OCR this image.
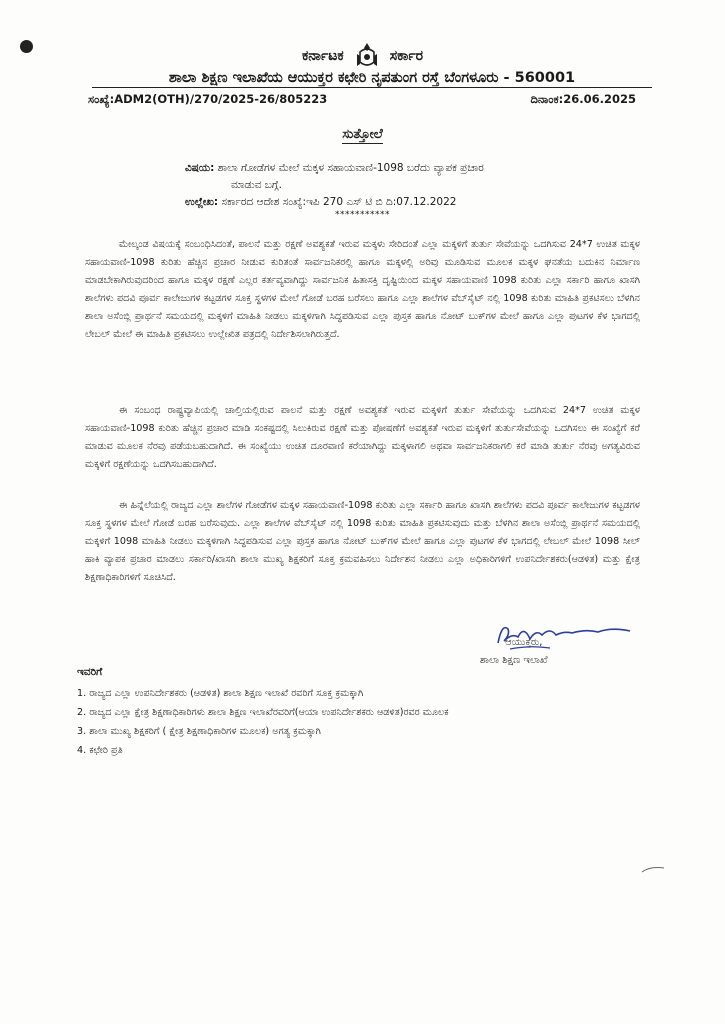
ಕರ್ನಾಟಕ	ಸರ್ಕಾರ
ಶಾಲಾ ಶಿಕ್ಷಣ ಇಲಾಖೆಯ ಆಯುಕ್ತರ ಕಛೇರಿ ನೃಪತುಂಗ ರಸ್ತೆ ಬೆಂಗಳೂರು - 560001
ಸಂಖ್ಯೆ:ADM2(OTH)/270/2025-26/805223	ದಿನಾಂಕ:26.06.2025
ಸುತ್ತೋಲೆ
ವಿಷಯ: ಶಾಲಾ ಗೋಡೆಗಳ ಮೇಲೆ ಮಕ್ಕಳ ಸಹಾಯವಾಣಿ-1098 ಬರೆದು ವ್ಯಾಪಕ ಪ್ರಚಾರ
ಮಾಡುವ ಬಗ್ಗೆ.
ಉಲ್ಲೇಖ: ಸರ್ಕಾರದ ಆದೇಶ ಸಂಖ್ಯೆ:ಇಪಿ 270 ಎಸ್ ಟಿ ಬಿ ದಿ:07.12.2022
***********
ಮೇಲ್ಕಂಡ ವಿಷಯಕ್ಕೆ ಸಂಬಂಧಿಸಿದಂತೆ, ಪಾಲನೆ ಮತ್ತು ರಕ್ಷಣೆ ಅವಶ್ಯಕತೆ ಇರುವ ಮಕ್ಕಳು ಸೇರಿದಂತೆ ಎಲ್ಲಾ ಮಕ್ಕಳಿಗೆ ತುರ್ತು ಸೇವೆಯನ್ನು ಒದಗಿಸುವ 24*7 ಉಚಿತ ಮಕ್ಕಳ ಸಹಾಯವಾಣಿ-1098 ಕುರಿತು ಹೆಚ್ಚಿನ ಪ್ರಚಾರ ನೀಡುವ ಕುರಿತಂತೆ ಸಾರ್ವಜನಿಕರಲ್ಲಿ ಹಾಗೂ ಮಕ್ಕಳಲ್ಲಿ ಅರಿವು ಮೂಡಿಸುವ ಮೂಲಕ ಮಕ್ಕಳ ಘನತೆಯ ಬದುಕಿನ ನಿರ್ಮಾಣ ಮಾಡಬೇಕಾಗಿರುವುದರಿಂದ ಹಾಗೂ ಮಕ್ಕಳ ರಕ್ಷಣೆ ಎಲ್ಲರ ಕರ್ತವ್ಯವಾಗಿದ್ದು ಸಾರ್ವಜನಿಕ ಹಿತಾಸಕ್ತಿ ದೃಷ್ಟಿಯಿಂದ ಮಕ್ಕಳ ಸಹಾಯವಾಣಿ 1098 ಕುರಿತು ಎಲ್ಲಾ ಸರ್ಕಾರಿ ಹಾಗೂ ಖಾಸಗಿ ಶಾಲೆಗಳು ಪದವಿ ಪೂರ್ವ ಕಾಲೇಜುಗಳ ಕಟ್ಟಡಗಳ ಸೂಕ್ತ ಸ್ಥಳಗಳ ಮೇಲೆ ಗೋಡೆ ಬರಹ ಬರೆಸಲು ಹಾಗೂ ಎಲ್ಲಾ ಶಾಲೆಗಳ ವೆಬ್‌ಸೈಟ್ ನಲ್ಲಿ 1098 ಕುರಿತು ಮಾಹಿತಿ ಪ್ರಕಟಿಸಲು ಬೆಳಗಿನ ಶಾಲಾ ಅಸೆಂಬ್ಲಿ ಪ್ರಾರ್ಥನೆ ಸಮಯದಲ್ಲಿ ಮಕ್ಕಳಿಗೆ ಮಾಹಿತಿ ನೀಡಲು ಮಕ್ಕಳಿಗಾಗಿ ಸಿದ್ಧಪಡಿಸುವ ಎಲ್ಲಾ ಪುಸ್ತಕ ಹಾಗೂ ನೋಟ್ ಬುಕ್‌ಗಳ ಮೇಲೆ ಹಾಗೂ ಎಲ್ಲಾ ಪುಟಗಳ ಕೆಳ ಭಾಗದಲ್ಲಿ ಲೇಬಲ್ ಮೇಲೆ ಈ ಮಾಹಿತಿ ಪ್ರಕಟಿಸಲು ಉಲ್ಲೇಖಿತ ಪತ್ರದಲ್ಲಿ ನಿರ್ದೇಶಿಸಲಾಗಿರುತ್ತದೆ.
ಈ ಸಂಬಂಧ ರಾಷ್ಟ್ರವ್ಯಾಪಿಯಲ್ಲಿ ಚಾಲ್ತಿಯಲ್ಲಿರುವ ಪಾಲನೆ ಮತ್ತು ರಕ್ಷಣೆ ಅವಶ್ಯಕತೆ ಇರುವ ಮಕ್ಕಳಿಗೆ ತುರ್ತು ಸೇವೆಯನ್ನು ಒದಗಿಸುವ 24*7 ಉಚಿತ ಮಕ್ಕಳ ಸಹಾಯವಾಣಿ-1098 ಕುರಿತು ಹೆಚ್ಚಿನ ಪ್ರಚಾರ ಮಾಡಿ ಸಂಕಷ್ಟದಲ್ಲಿ ಸಿಲುಕಿರುವ ರಕ್ಷಣೆ ಮತ್ತು ಪೋಷಣೆಗೆ ಅವಶ್ಯಕತೆ ಇರುವ ಮಕ್ಕಳಿಗೆ ತುರ್ತುಸೇವೆಯನ್ನು ಒದಗಿಸಲು ಈ ಸಂಖ್ಯೆಗೆ ಕರೆ ಮಾಡುವ ಮೂಲಕ ನೆರವು ಪಡೆಯಬಹುದಾಗಿದೆ. ಈ ಸಂಖ್ಯೆಯು ಉಚಿತ ದೂರವಾಣಿ ಕರೆಯಾಗಿದ್ದು ಮಕ್ಕಳಾಗಲಿ ಅಥವಾ ಸಾರ್ವಜನಿಕರಾಗಲಿ ಕರೆ ಮಾಡಿ ತುರ್ತು ನೆರವು ಅಗತ್ಯವಿರುವ ಮಕ್ಕಳಿಗೆ ರಕ್ಷಣೆಯನ್ನು ಒದಗಿಸಬಹುದಾಗಿದೆ.
ಈ ಹಿನ್ನೆಲೆಯಲ್ಲಿ ರಾಜ್ಯದ ಎಲ್ಲಾ ಶಾಲೆಗಳ ಗೋಡೆಗಳ ಮಕ್ಕಳ ಸಹಾಯವಾಣಿ-1098 ಕುರಿತು ಎಲ್ಲಾ ಸರ್ಕಾರಿ ಹಾಗೂ ಖಾಸಗಿ ಶಾಲೆಗಳು ಪದವಿ ಪೂರ್ವ ಕಾಲೇಜುಗಳ ಕಟ್ಟಡಗಳ ಸೂಕ್ತ ಸ್ಥಳಗಳ ಮೇಲೆ ಗೋಡೆ ಬರಹ ಬರೆಸುವುದು. ಎಲ್ಲಾ ಶಾಲೆಗಳ ವೆಬ್‌ಸೈಟ್ ನಲ್ಲಿ 1098 ಕುರಿತು ಮಾಹಿತಿ ಪ್ರಕಟಿಸುವುದು ಮತ್ತು ಬೆಳಗಿನ ಶಾಲಾ ಅಸೆಂಬ್ಲಿ ಪ್ರಾರ್ಥನೆ ಸಮಯದಲ್ಲಿ ಮಕ್ಕಳಿಗೆ 1098 ಮಾಹಿತಿ ನೀಡಲು ಮಕ್ಕಳಿಗಾಗಿ ಸಿದ್ಧಪಡಿಸುವ ಎಲ್ಲಾ ಪುಸ್ತಕ ಹಾಗೂ ನೋಟ್ ಬುಕ್‌ಗಳ ಮೇಲೆ ಹಾಗೂ ಎಲ್ಲಾ ಪುಟಗಳ ಕೆಳ ಭಾಗದಲ್ಲಿ ಲೇಬಲ್ ಮೇಲೆ 1098 ಸೀಲ್ ಹಾಕಿ ವ್ಯಾಪಕ ಪ್ರಚಾರ ಮಾಡಲು ಸರ್ಕಾರಿ/ಖಾಸಗಿ ಶಾಲಾ ಮುಖ್ಯ ಶಿಕ್ಷಕರಿಗೆ ಸೂಕ್ತ ಕ್ರಮವಹಿಸಲು ನಿರ್ದೇಶನ ನೀಡಲು ಎಲ್ಲಾ ಅಧಿಕಾರಿಗಳಿಗೆ ಉಪನಿರ್ದೇಶಕರು(ಆಡಳಿತ) ಮತ್ತು ಕ್ಷೇತ್ರ ಶಿಕ್ಷಣಾಧಿಕಾರಿಗಳಿಗೆ ಸೂಚಿಸಿದೆ.
ಆಯುಕ್ತರು,
ಶಾಲಾ ಶಿಕ್ಷಣ ಇಲಾಖೆ
ಇವರಿಗೆ
1. ರಾಜ್ಯದ ಎಲ್ಲಾ ಉಪನಿರ್ದೇಶಕರು (ಆಡಳಿತ) ಶಾಲಾ ಶಿಕ್ಷಣ ಇಲಾಖೆ ರವರಿಗೆ ಸೂಕ್ತ ಕ್ರಮಕ್ಕಾಗಿ
2. ರಾಜ್ಯದ ಎಲ್ಲಾ ಕ್ಷೇತ್ರ ಶಿಕ್ಷಣಾಧಿಕಾರಿಗಳು ಶಾಲಾ ಶಿಕ್ಷಣ ಇಲಾಖೆರವರಿಗೆ(ಆಯಾ ಉಪನಿರ್ದೇಶಕರು ಆಡಳಿತ)ರವರ ಮೂಲಕ
3. ಶಾಲಾ ಮುಖ್ಯ ಶಿಕ್ಷಕರಿಗೆ ( ಕ್ಷೇತ್ರ ಶಿಕ್ಷಣಾಧಿಕಾರಿಗಳ ಮೂಲಕ) ಅಗತ್ಯ ಕ್ರಮಕ್ಕಾಗಿ
4. ಕಛೇರಿ ಪ್ರತಿ
